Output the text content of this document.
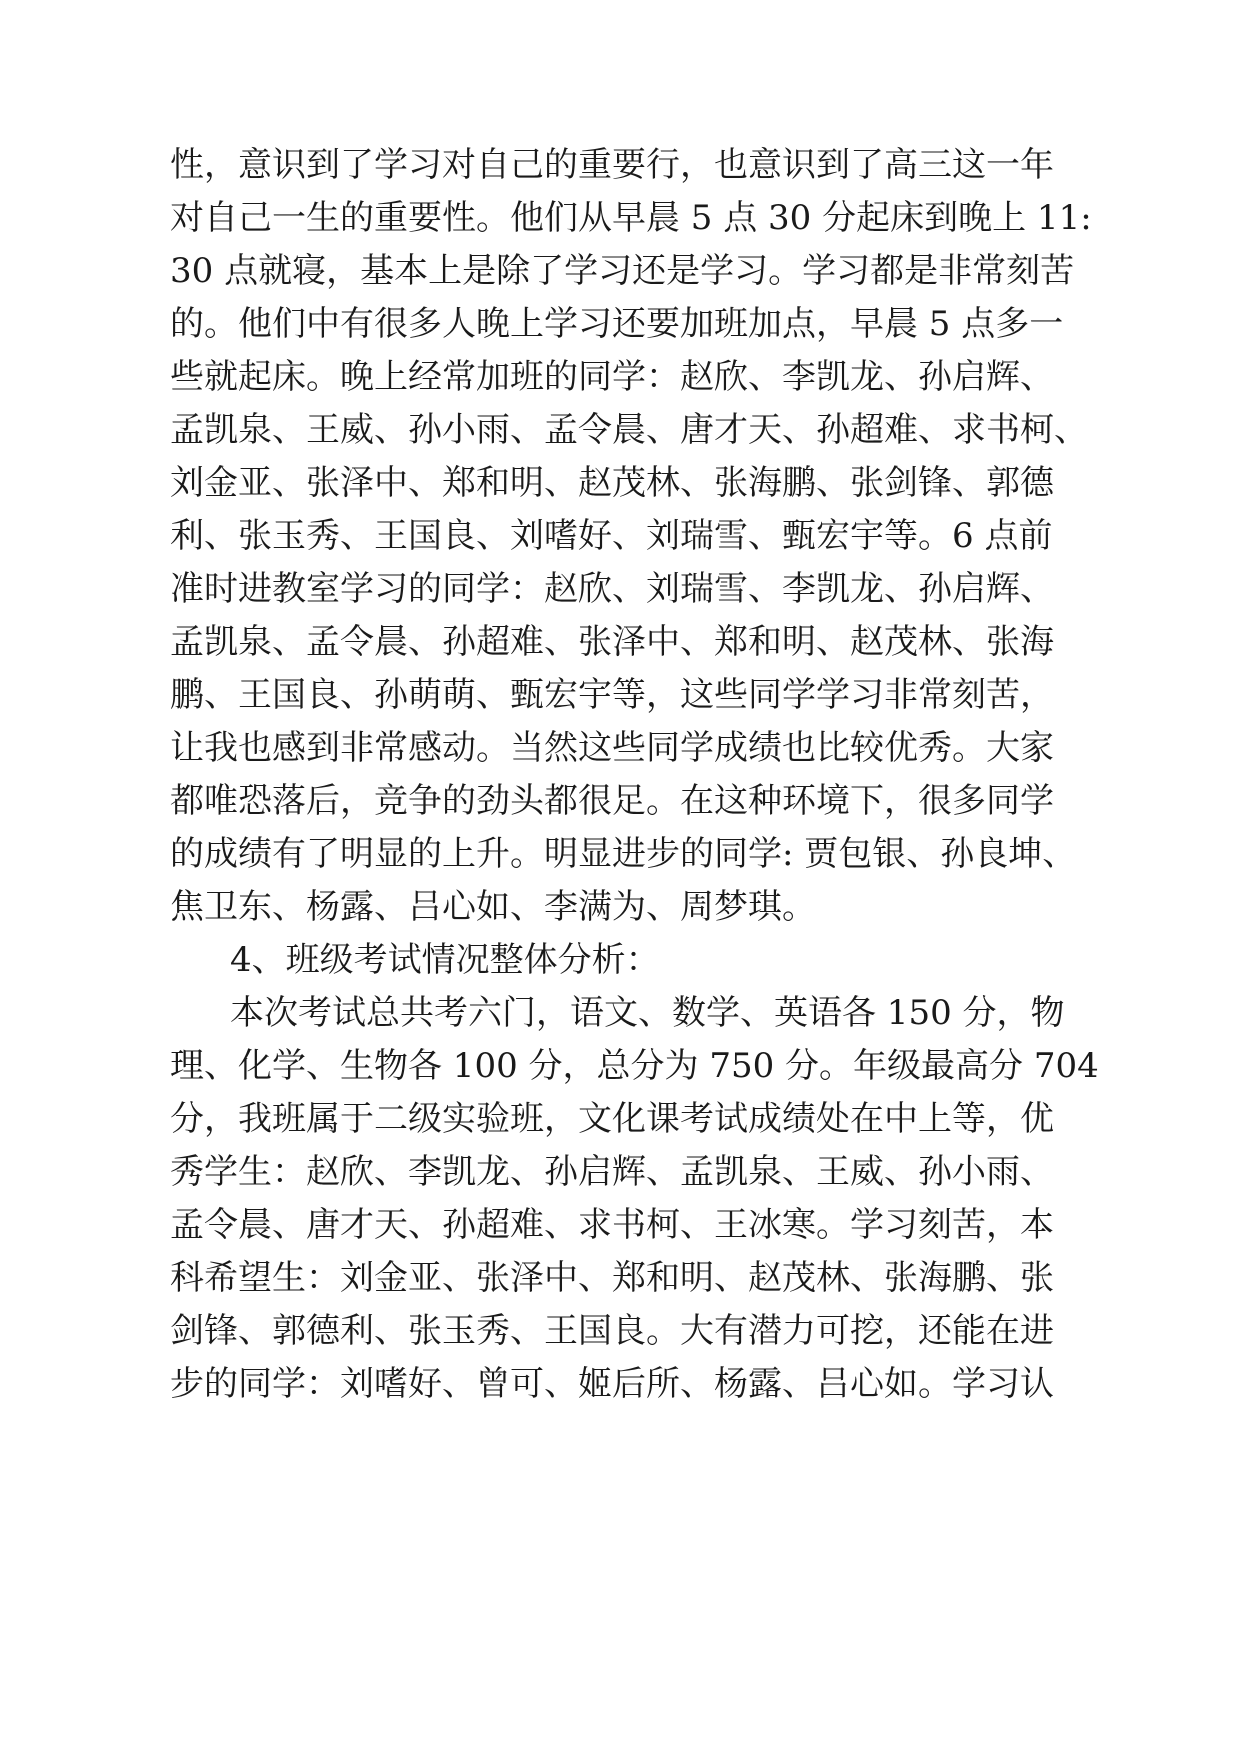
性，意识到了学习对自己的重要行，也意识到了高三这一年
对自己一生的重要性。他们从早晨 5 点 30 分起床到晚上 11:
30 点就寝，基本上是除了学习还是学习。学习都是非常刻苦
的。他们中有很多人晚上学习还要加班加点，早晨 5 点多一
些就起床。晚上经常加班的同学：赵欣、李凯龙、孙启辉、
孟凯泉、王威、孙小雨、孟令晨、唐才天、孙超难、求书柯、
刘金亚、张泽中、郑和明、赵茂林、张海鹏、张剑锋、郭德
利、张玉秀、王国良、刘嗜好、刘瑞雪、甄宏宇等。6 点前
准时进教室学习的同学：赵欣、刘瑞雪、李凯龙、孙启辉、
孟凯泉、孟令晨、孙超难、张泽中、郑和明、赵茂林、张海
鹏、王国良、孙萌萌、甄宏宇等，这些同学学习非常刻苦，
让我也感到非常感动。当然这些同学成绩也比较优秀。大家
都唯恐落后，竞争的劲头都很足。在这种环境下，很多同学
的成绩有了明显的上升。明显进步的同学: 贾包银、孙良坤、
焦卫东、杨露、吕心如、李满为、周梦琪。
4、班级考试情况整体分析：
本次考试总共考六门，语文、数学、英语各 150 分，物
理、化学、生物各 100 分，总分为 750 分。年级最高分 704
分，我班属于二级实验班，文化课考试成绩处在中上等，优
秀学生：赵欣、李凯龙、孙启辉、孟凯泉、王威、孙小雨、
孟令晨、唐才天、孙超难、求书柯、王冰寒。学习刻苦，本
科希望生：刘金亚、张泽中、郑和明、赵茂林、张海鹏、张
剑锋、郭德利、张玉秀、王国良。大有潜力可挖，还能在进
步的同学：刘嗜好、曾可、姬后所、杨露、吕心如。学习认
